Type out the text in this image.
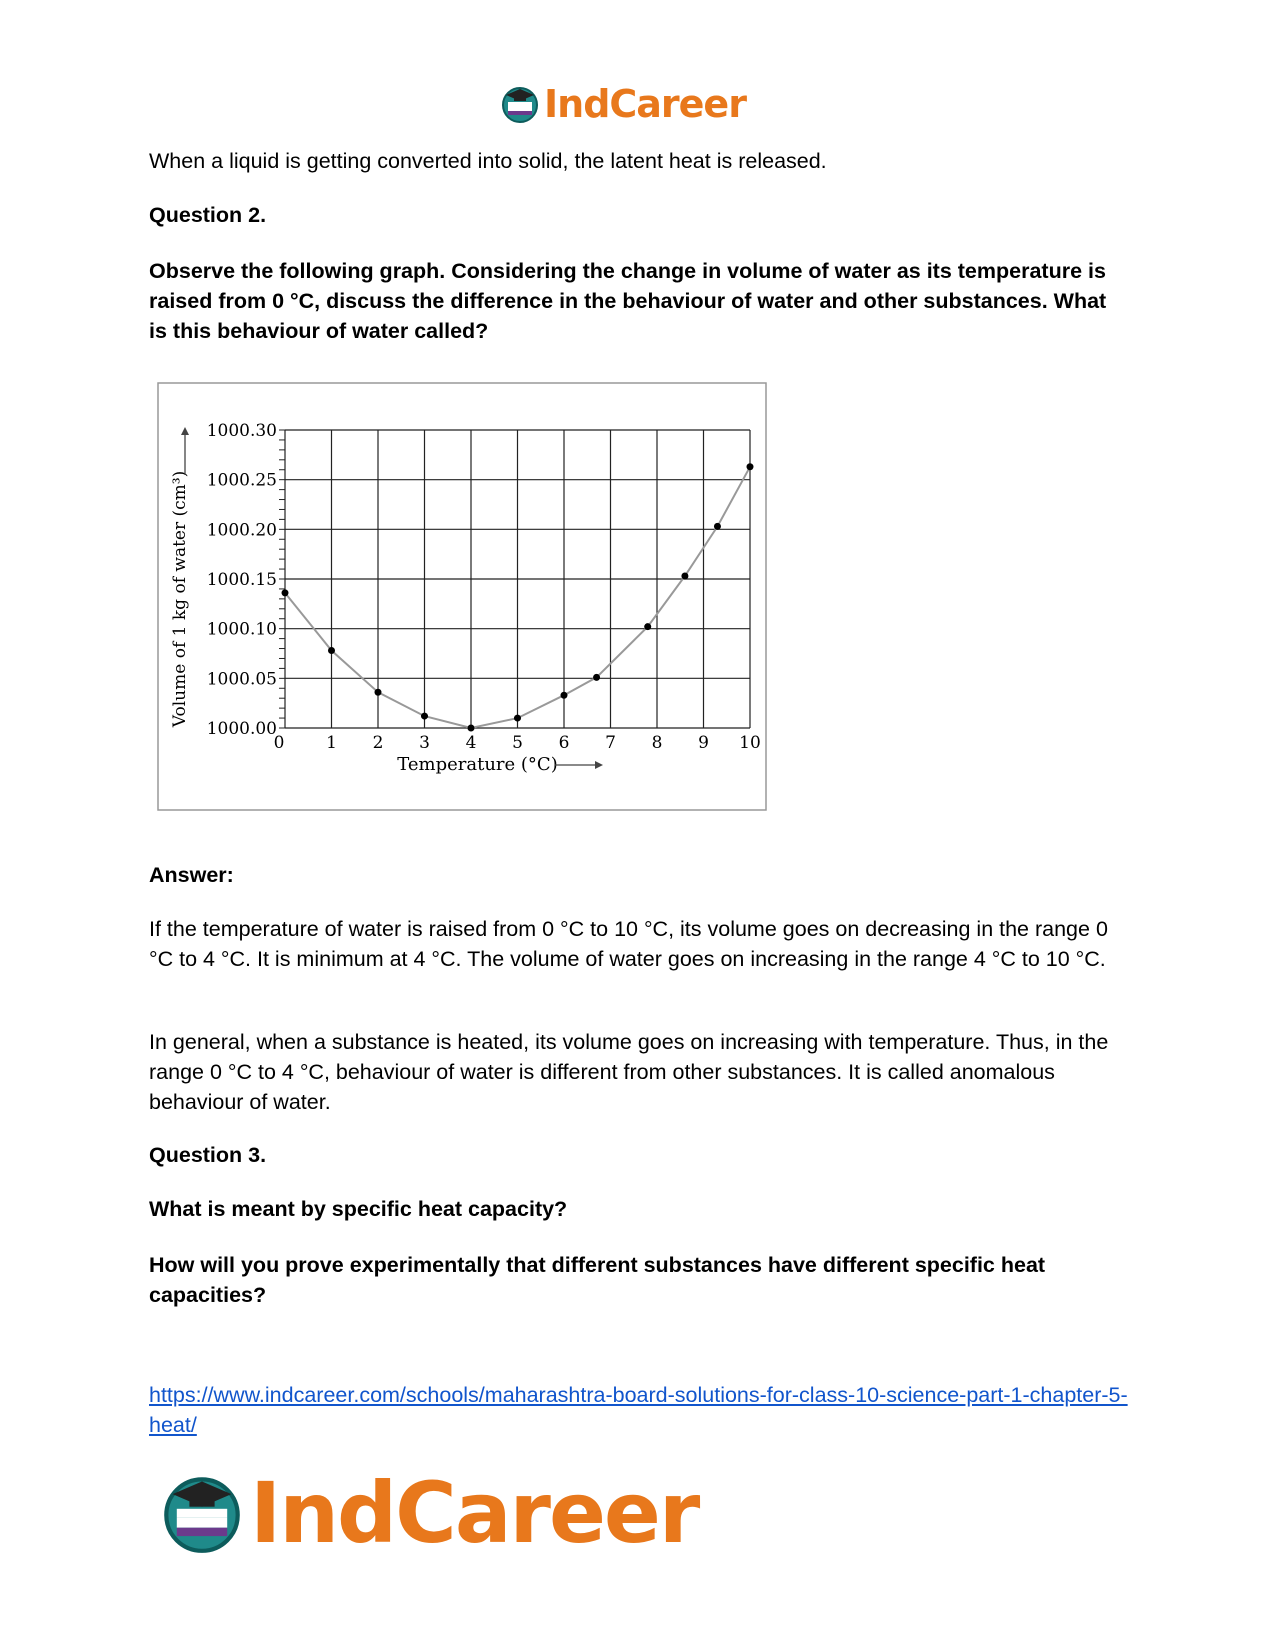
IndCareer

When a liquid is getting converted into solid, the latent heat is released.

Question 2.

Observe the following graph. Considering the change in volume of water as its temperature is raised from 0 °C, discuss the difference in the behaviour of water and other substances. What is this behaviour of water called?

0 1 2 3 4 5 6 7 8 9 10
1000.00
1000.05
1000.10
1000.15
1000.20
1000.25
1000.30
Temperature (°C)
Volume of 1 kg of water (cm³)

Answer:

If the temperature of water is raised from 0 °C to 10 °C, its volume goes on decreasing in the range 0 °C to 4 °C. It is minimum at 4 °C. The volume of water goes on increasing in the range 4 °C to 10 °C.

In general, when a substance is heated, its volume goes on increasing with temperature. Thus, in the range 0 °C to 4 °C, behaviour of water is different from other substances. It is called anomalous behaviour of water.

Question 3.

What is meant by specific heat capacity?

How will you prove experimentally that different substances have different specific heat capacities?

https://www.indcareer.com/schools/maharashtra-board-solutions-for-class-10-science-part-1-chapter-5-heat/

IndCareer
